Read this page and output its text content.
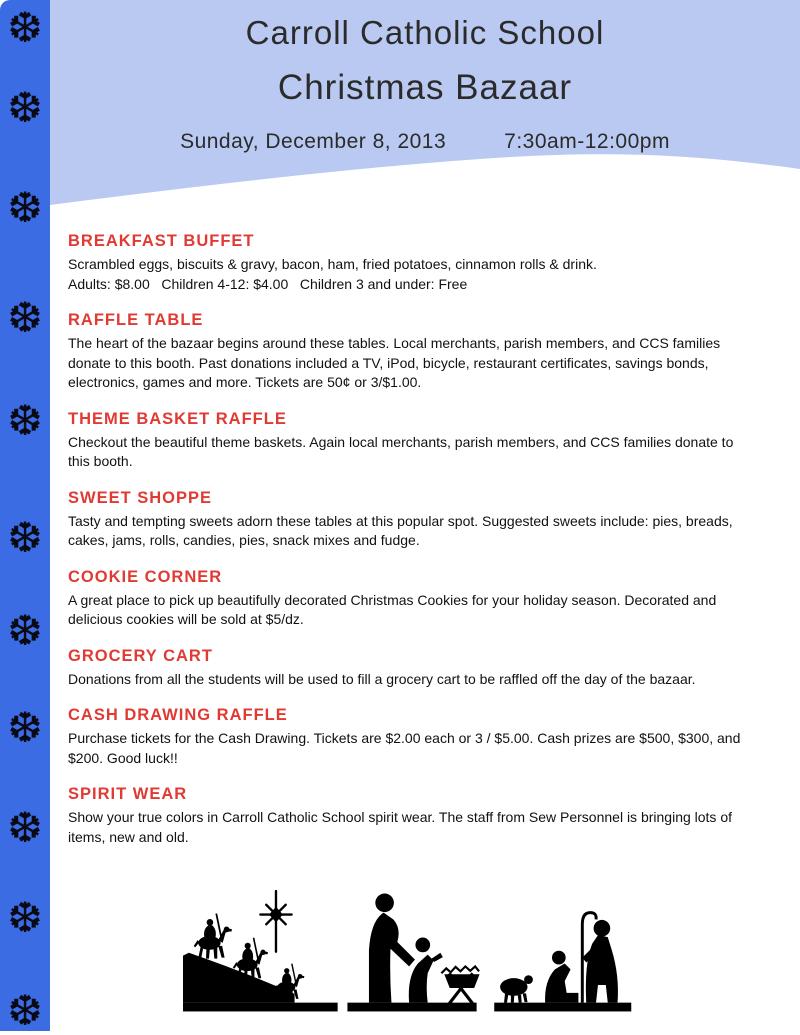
Carroll Catholic School
Christmas Bazaar
Sunday, December 8, 2013	7:30am-12:00pm
❆
❆
❆
❆
❆
❆
❆
❆
❆
❆
❆
BREAKFAST BUFFET

Scrambled eggs, biscuits & gravy, bacon, ham, fried potatoes, cinnamon rolls & drink.

Adults: $8.00   Children 4-12: $4.00   Children 3 and under: Free

RAFFLE TABLE

The heart of the bazaar begins around these tables. Local merchants, parish members, and CCS families donate to this booth. Past donations included a TV, iPod, bicycle, restaurant certificates, savings bonds, electronics, games and more. Tickets are 50¢ or 3/$1.00.

THEME BASKET RAFFLE

Checkout the beautiful theme baskets. Again local merchants, parish members, and CCS families donate to this booth.

SWEET SHOPPE

Tasty and tempting sweets adorn these tables at this popular spot. Suggested sweets include: pies, breads, cakes, jams, rolls, candies, pies, snack mixes and fudge.

COOKIE CORNER

A great place to pick up beautifully decorated Christmas Cookies for your holiday season. Decorated and delicious cookies will be sold at $5/dz.

GROCERY CART

Donations from all the students will be used to fill a grocery cart to be raffled off the day of the bazaar.

CASH DRAWING RAFFLE

Purchase tickets for the Cash Drawing. Tickets are $2.00 each or 3 / $5.00. Cash prizes are $500, $300, and $200. Good luck!!

SPIRIT WEAR

Show your true colors in Carroll Catholic School spirit wear. The staff from Sew Personnel is bringing lots of items, new and old.
